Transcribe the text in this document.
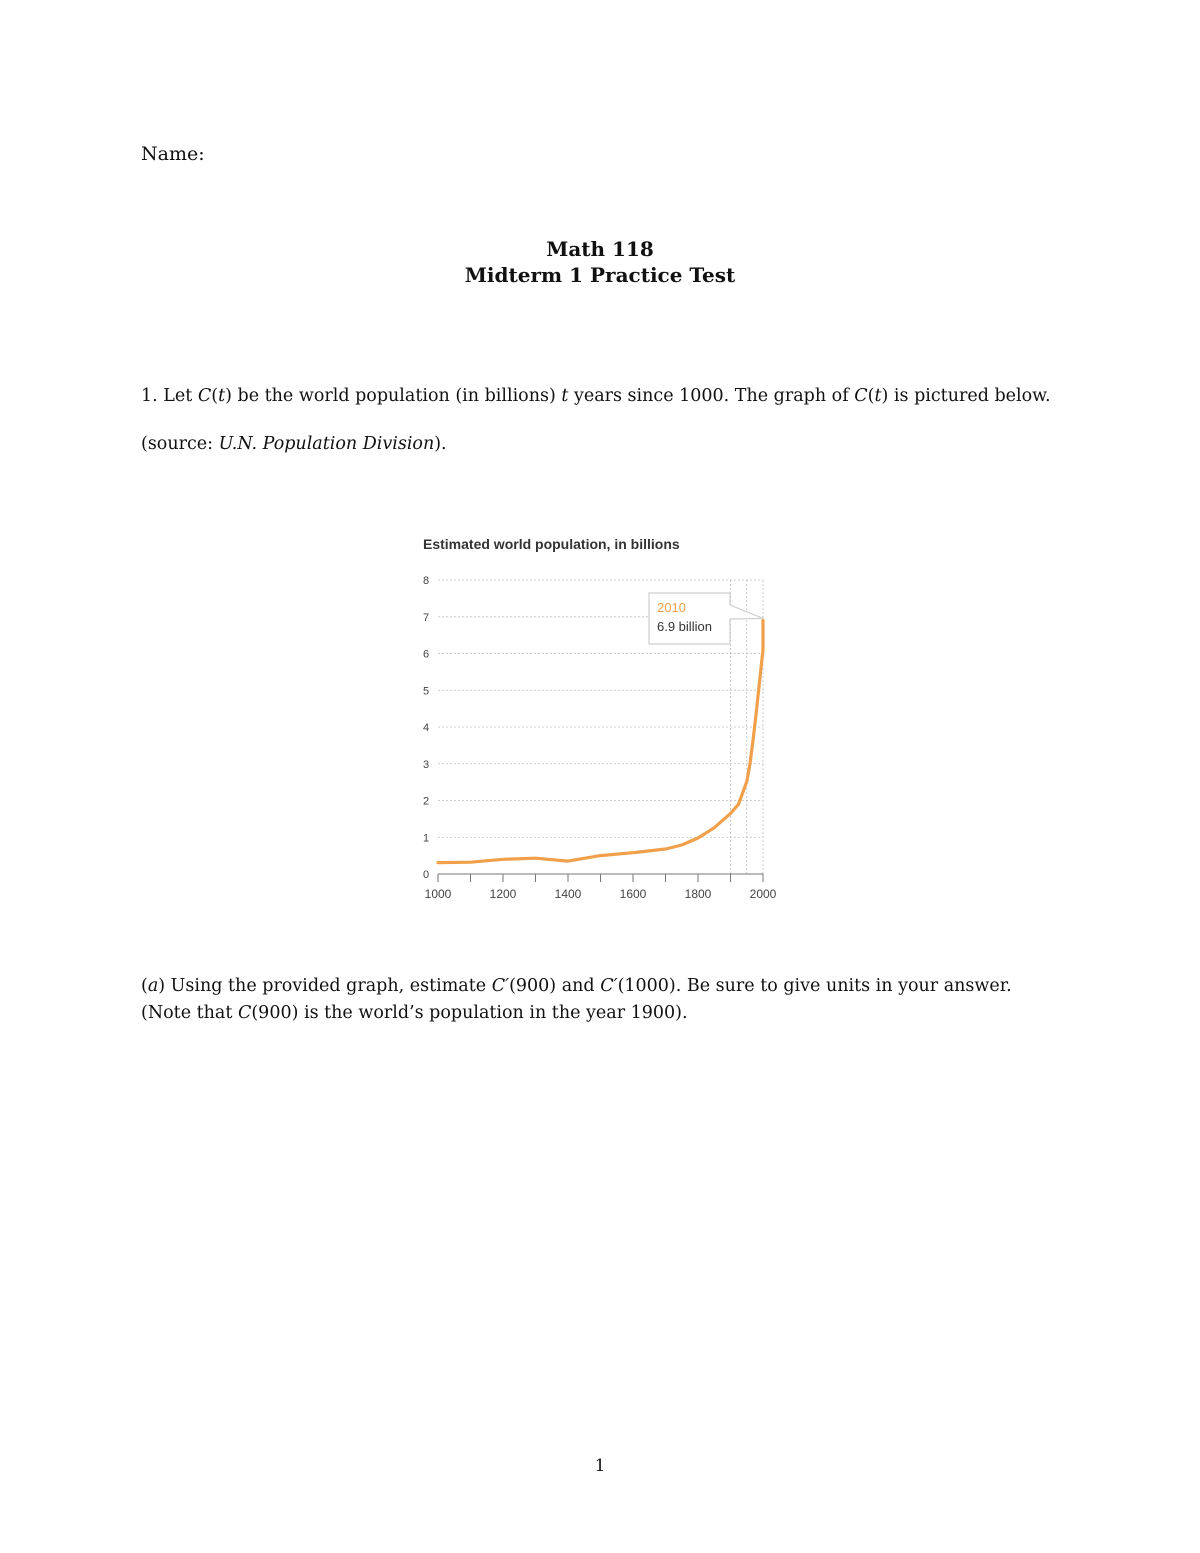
Name:
Math 118
Midterm 1 Practice Test
1. Let C(t) be the world population (in billions) t years since 1000. The graph of C(t) is pictured below.
(source: U.N. Population Division).
Estimated world population, in billions
0
1
2
3
4
5
6
7
8
1000	1200	1400	1600	1800	2000
2010
6.9 billion
(a) Using the provided graph, estimate C′(900) and C′(1000). Be sure to give units in your answer. (Note that C(900) is the world’s population in the year 1900).
1
